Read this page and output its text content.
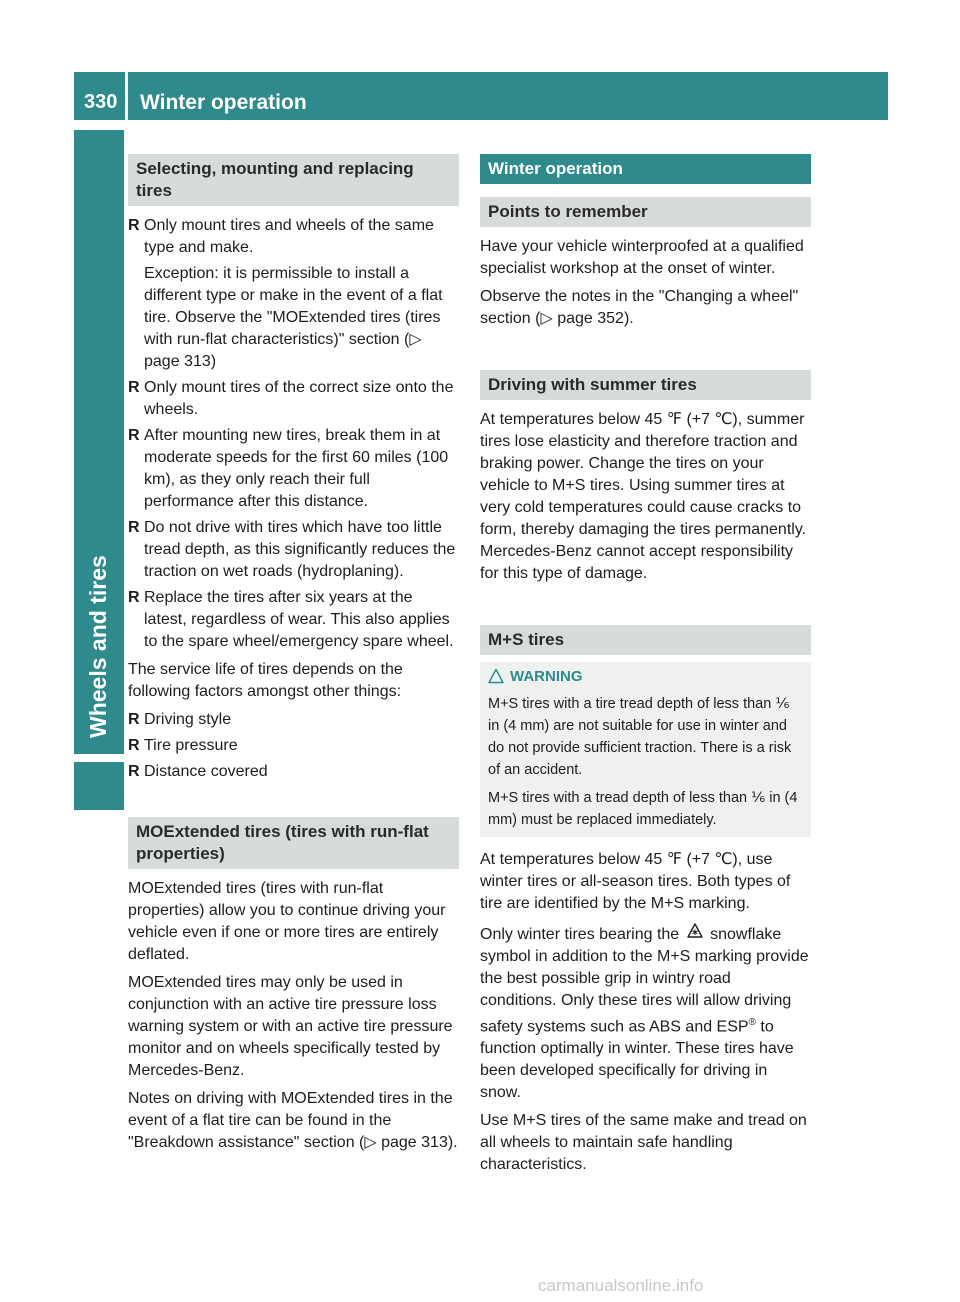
330 Winter operation
Wheels and tires
Selecting, mounting and replacing tires
R Only mount tires and wheels of the same type and make.
Exception: it is permissible to install a different type or make in the event of a flat tire. Observe the "MOExtended tires (tires with run-flat characteristics)" section (▷ page 313)
R Only mount tires of the correct size onto the wheels.
R After mounting new tires, break them in at moderate speeds for the first 60 miles (100 km), as they only reach their full performance after this distance.
R Do not drive with tires which have too little tread depth, as this significantly reduces the traction on wet roads (hydroplaning).
R Replace the tires after six years at the latest, regardless of wear. This also applies to the spare wheel/emergency spare wheel.

The service life of tires depends on the following factors amongst other things:

R Driving style
R Tire pressure
R Distance covered
MOExtended tires (tires with run-flat properties)

MOExtended tires (tires with run-flat properties) allow you to continue driving your vehicle even if one or more tires are entirely deflated.

MOExtended tires may only be used in conjunction with an active tire pressure loss warning system or with an active tire pressure monitor and on wheels specifically tested by Mercedes-Benz.

Notes on driving with MOExtended tires in the event of a flat tire can be found in the "Breakdown assistance" section (▷ page 313).

Winter operation
Points to remember

Have your vehicle winterproofed at a qualified specialist workshop at the onset of winter.

Observe the notes in the "Changing a wheel" section (▷ page 352).

Driving with summer tires

At temperatures below 45 ℉ (+7 ℃), summer tires lose elasticity and therefore traction and braking power. Change the tires on your vehicle to M+S tires. Using summer tires at very cold temperatures could cause cracks to form, thereby damaging the tires permanently. Mercedes-Benz cannot accept responsibility for this type of damage.

M+S tires
WARNING

M+S tires with a tire tread depth of less than ⅙ in (4 mm) are not suitable for use in winter and do not provide sufficient traction. There is a risk of an accident.

M+S tires with a tread depth of less than ⅙ in (4 mm) must be replaced immediately.

At temperatures below 45 ℉ (+7 ℃), use winter tires or all-season tires. Both types of tire are identified by the M+S marking.

Only winter tires bearing the snowflake symbol in addition to the M+S marking provide the best possible grip in wintry road conditions. Only these tires will allow driving safety systems such as ABS and ESP® to function optimally in winter. These tires have been developed specifically for driving in snow.

Use M+S tires of the same make and tread on all wheels to maintain safe handling characteristics.

carmanualsonline.info
